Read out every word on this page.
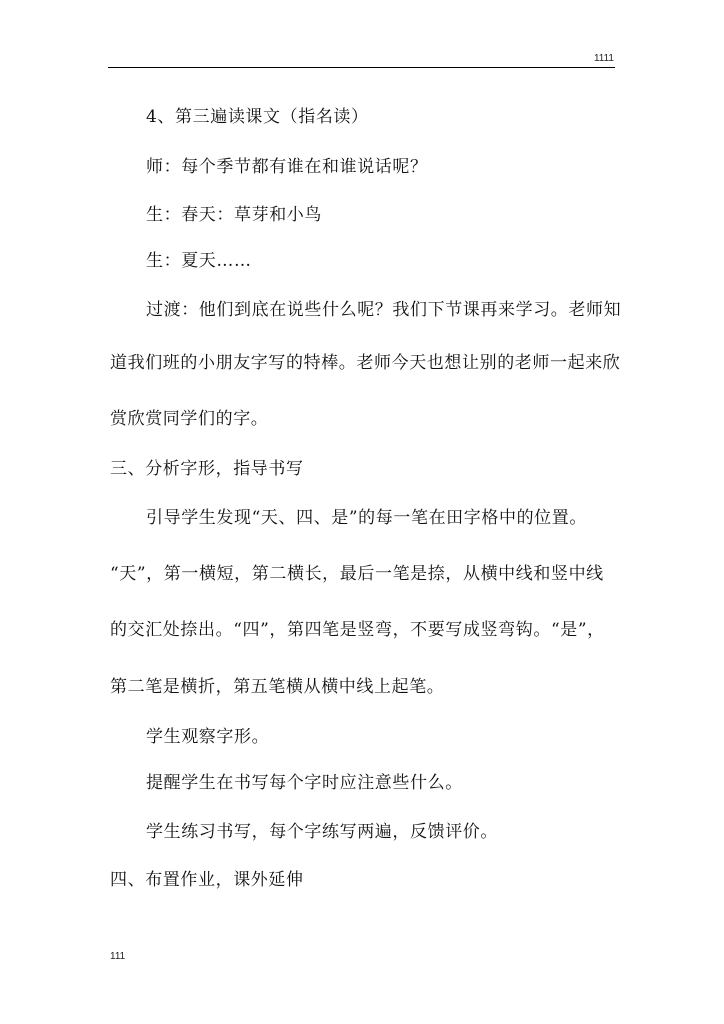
1111
4、第三遍读课文（指名读）
师：每个季节都有谁在和谁说话呢？
生：春天：草芽和小鸟
生：夏天……
过渡：他们到底在说些什么呢？我们下节课再来学习。老师知
道我们班的小朋友字写的特棒。老师今天也想让别的老师一起来欣
赏欣赏同学们的字。
三、分析字形，指导书写
引导学生发现“天、四、是”的每一笔在田字格中的位置。
“天”，第一横短，第二横长，最后一笔是捺，从横中线和竖中线
的交汇处捺出。“四”，第四笔是竖弯，不要写成竖弯钩。“是”，
第二笔是横折，第五笔横从横中线上起笔。
学生观察字形。
提醒学生在书写每个字时应注意些什么。
学生练习书写，每个字练写两遍，反馈评价。
四、布置作业，课外延伸
111
